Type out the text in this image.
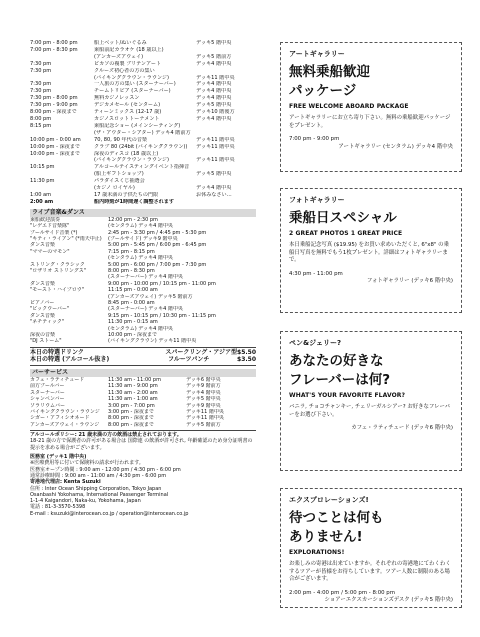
7:00 pm - 8:00 pm	船上ベット/ぬいぐるみ	デッキ5 階中央
7:00 pm - 8:30 pm	乗船前記カラオケ (18 歳以上)
(アンカーズアウェイ)	デッキ5 階前方
7:30 pm	ピカソの複製 ブリテンアート	デッキ4 階中央
7:30 pm	クルーズ初心者の方の集い
(バイキングクラウン・ラウンジ)	デッキ11 階中央
7:30 pm	一人旅の方の集い (スターナーバー)	デッキ4 階中央
7:30 pm	チームトリビア (スターナーバー)	デッキ4 階中央
7:30 pm - 8:00 pm	無料カジノレッスン	デッキ4 階中央
7:30 pm - 9:00 pm	デジカメセール (センターム)	デッキ5 階中央
8:00 pm - 深夜まで	ティーンミックス (12-17 歳)	デッキ10 階後方
8:00 pm	カジノスロットトーナメント	デッキ4 階中央
8:15 pm	乗船記念ショー (メインシーティング)
(ザ・アウター・シアター) デッキ4 階前方
10:00 pm - 0:00 am	70, 80, 90 年代の音楽	デッキ11 階中央
10:00 pm - 深夜まで	クラブ 80 (24bit (バイキングクラウン))	デッキ11 階中央
10:00 pm - 深夜まで	深夜のディスコ (18 歳以上)
(バイキングクラウン・ラウンジ)	デッキ11 階中央
10:15 pm	アルコールテイスティングイベント指揮音
(船上ギフトショップ)	デッキ5 階中央
11:30 pm	パラダイスくじ抽選会
(カジノ ロイヤル)	デッキ4 階中央
1:00 am	17 歳未満の子供たちの門限	お休みなさい…
2:00 am	船内時刻が1時間遅く調整されます
ライブ音楽&ダンス
乗船歓迎演奏	12:00 pm - 2:30 pm
"レゲエド音楽隊"	(センタラム) デッキ4 階中央
プールサイド音楽 (*)	2:45 pm - 3:30 pm / 4:45 pm - 5:30 pm
"キティ・ライアン" (*雨天中止)	(プールサイド) デッキ9 階中央
ダンス音楽	5:00 pm - 5:45 pm / 6:00 pm - 6:45 pm
"ママーのマモン"	7:15 pm - 8:15 pm
(センタラム) デッキ4 階中央
ストリング・クラシック	5:00 pm - 6:00 pm / 7:00 pm - 7:30 pm
"ロザリオ ストリングス"	8:00 pm - 8:30 pm
(スターナーバー) デッキ4 階中央
ダンス音楽	9:00 pm - 10:00 pm / 10:15 pm - 11:00 pm
"モースト・ハイプロウ"	11:15 pm - 0:00 am
(アンカーズアウェイ) デッキ5 階前方
ピアノバー	8:45 pm - 0:00 am
"ビックウーバー"	(スターナーバー) デッキ4 階中央
ダンス音楽	9:15 pm - 10:15 pm / 10:30 pm - 11:15 pm
"ネチティック"	11:30 pm - 0:15 am
(センタラム) デッキ4 階中央
深夜の音楽	10:00 pm - 深夜まで
"DJ ストーム"	(バイキングクラウン) デッキ11 階中央
本日の特選ドリンク	スパークリング・アジア型 $5.50
本日の特選 (アルコール抜き)	フルーツパンチ	$3.50
バーサービス
カフェ・ラティチュード	11:30 am - 11:00 pm	デッキ6 階中央
前方プールバー	11:30 am - 9:00 pm	デッキ9 階前方
スターナーバー	11:30 am - 2:00 am	デッキ4 階中央
シャンペンバー	11:30 am - 1:00 am	デッキ5 階中央
ソラリウムバー	3:00 pm - 7:00 pm	デッキ9 階中央
バイキングクラウン・ラウンジ	3:00 pm - 深夜まで	デッキ11 階中央
シガー・アフィシオネード	8:00 pm - 深夜まで	デッキ11 階中央
アンカーズアウェイ・ラウンジ	8:00 pm - 深夜まで	デッキ5 階前方
アルコールポリシー: 21 歳未満の方の飲酒は禁止されております。
18-21 歳の方で保護者の許可がある場合は 国際連 の飲酒が許可され, 年齢確認のため身分証明書の提示を求める場合がございます。
医務室 (デッキ1 階中央)
※医療費用等に付いて保険料の請求が行われます。
医務室オープン時間 : 9:00 am - 12:00 pm / 4:30 pm - 6:00 pm
通常診療時間 : 9:00 am - 11:00 am / 4:30 pm - 6:00 pm
寄港地代理店: Kenta Suzuki
住所 : Inter Ocean Shipping Corporation, Tokyo Japan
Osanbashi Yokohama, International Passenger Terminal
1-1-4 Kaigandori, Naka-ku, Yokohama, Japan
電話 : 81-3-3570-5398
E-mail : ksuzuki@interocean.co.jp / operation@interocean.co.jp
アートギャラリー
無料乗船歓迎
パッケージ
FREE WELCOME ABOARD PACKAGE
アートギャラリーにお立ち寄り下さい。無料の乗船歓迎パッケージをプレゼント。
7:00 pm - 9:00 pm
アートギャラリー (センタラム) デッキ4 階中央
フォトギャラリー
乗船日スペシャル
2 GREAT PHOTOS 1 GREAT PRICE
本日乗船記念写真 ($19.95) をお買い求めいただくと, 6"x8" の乗船日写真を無料でもう1枚プレゼント。詳細はフォトギャラリーまで。
4:30 pm - 11:00 pm
フォトギャラリー (デッキ6 階中央)
ペン&ジェリー?
あなたの好きな
フレーバーは何?
WHAT'S YOUR FAVORITE FLAVOR?
バニラ, チョコチャンキー, チェリーガルシアー? お好きなフレーバーをお選び下さい。
カフェ・ラティチュード (デッキ6 階中央)
エクスプロレーションズ!
待つことは何も
ありません!
EXPLORATIONS!
お楽しみの寄港は出来ていますか。それぞれの寄港地にてわくわくするツアーが皆様をお待ちしています。ツアー人数に制限のある場合がございます。
2:00 pm - 4:00 pm / 5:00 pm - 8:00 pm
ショアーエクスカーションズデスク (デッキ5 階中央)
